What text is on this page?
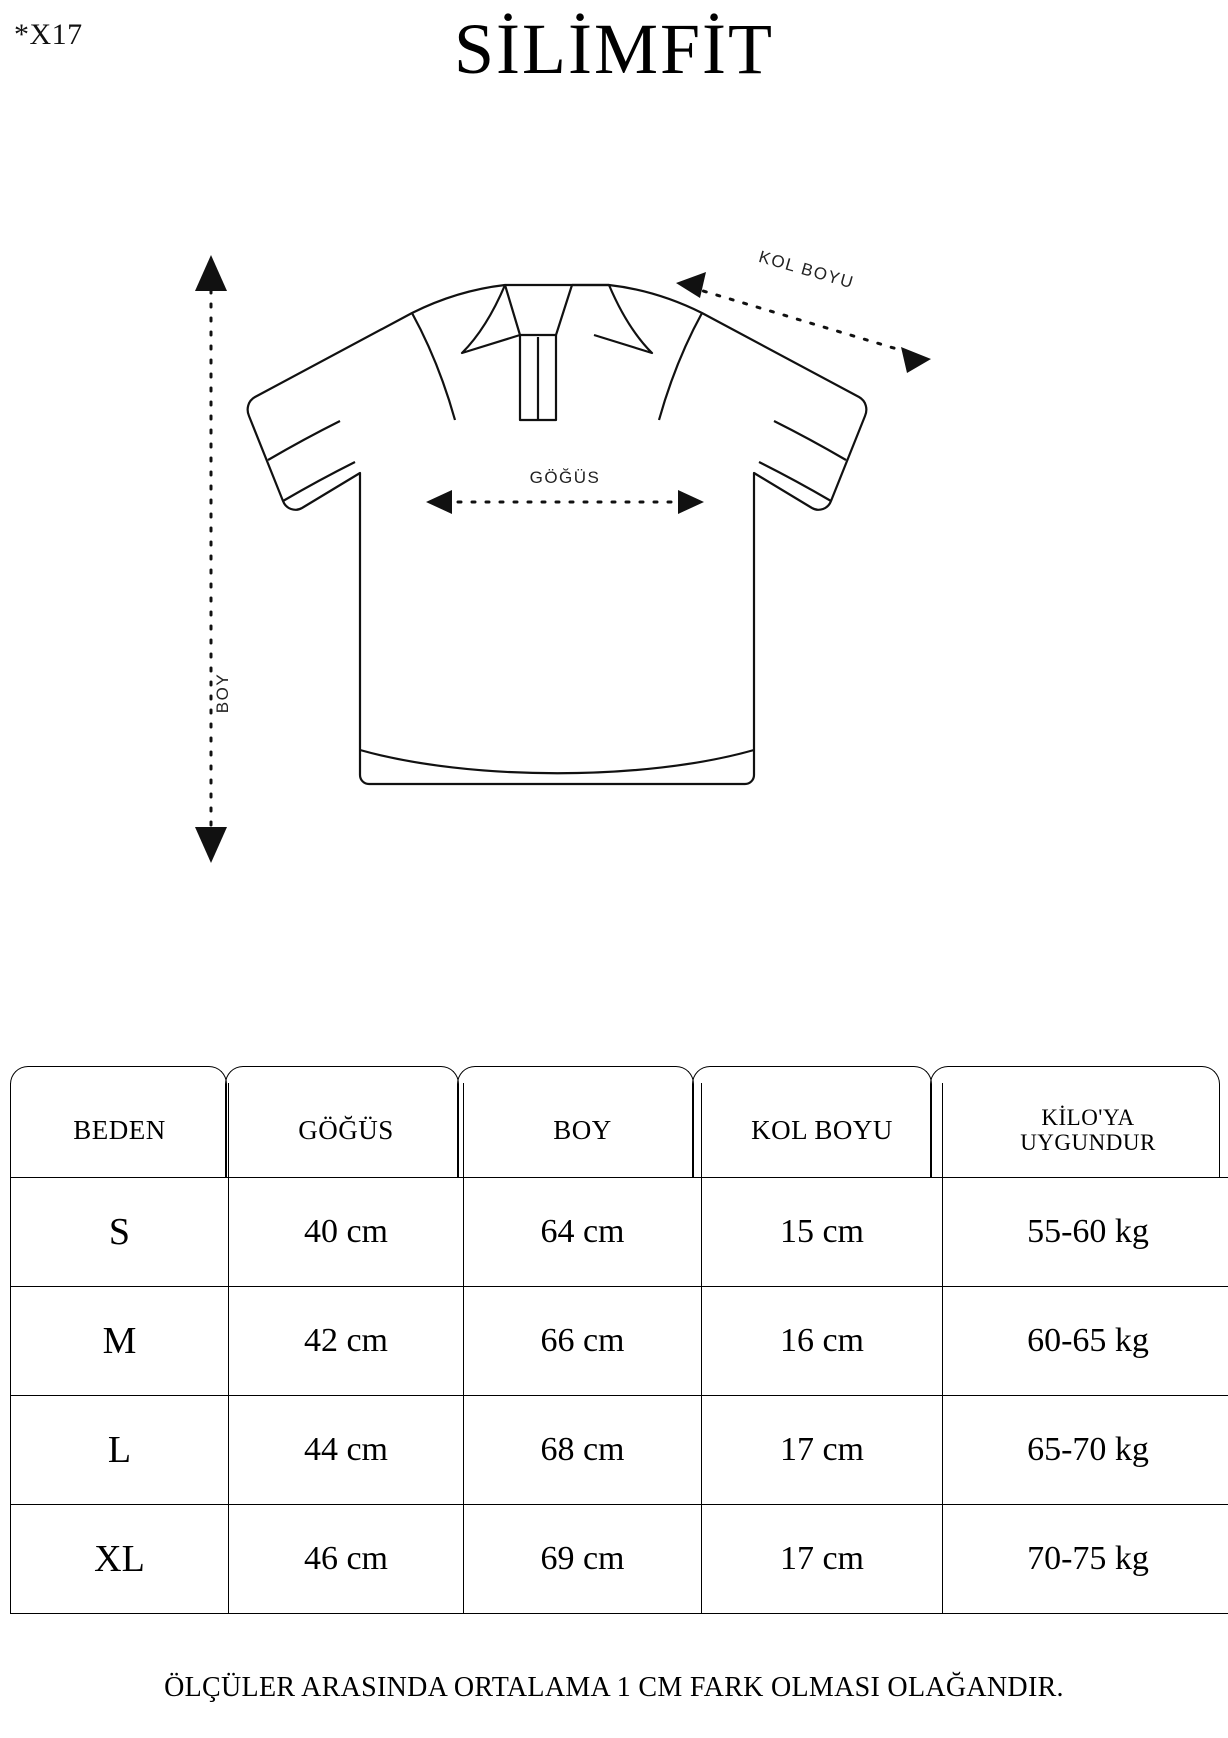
*X17	SİLİMFİT
GÖĞÜS
BOY
KOL BOYU
BEDEN	GÖĞÜS	BOY	KOL BOYU	KİLO'YA
UYGUNDUR

S	40 cm	64 cm	15 cm	55-60 kg
M	42 cm	66 cm	16 cm	60-65 kg
L	44 cm	68 cm	17 cm	65-70 kg
XL	46 cm	69 cm	17 cm	70-75 kg
ÖLÇÜLER ARASINDA ORTALAMA 1 CM FARK OLMASI OLAĞANDIR.
